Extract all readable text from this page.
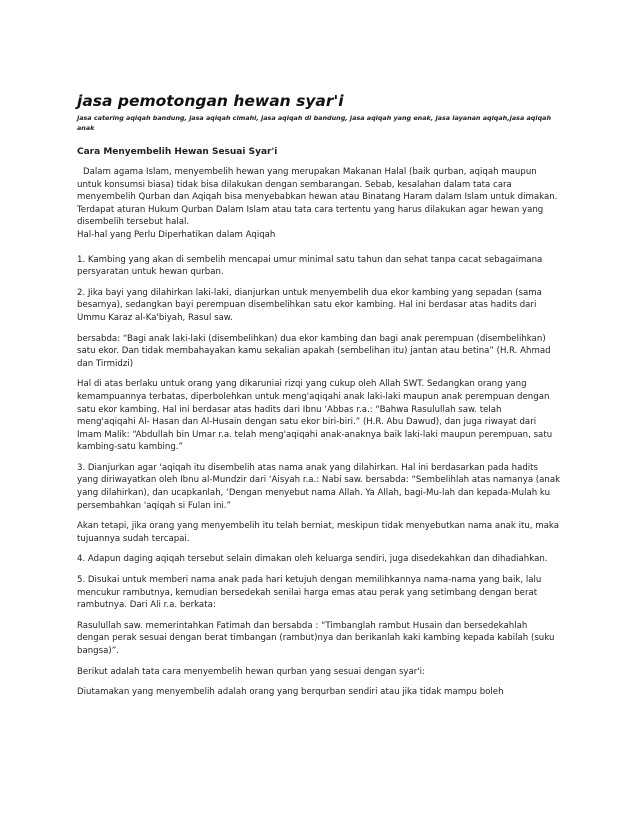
jasa pemotongan hewan syar'i
jasa catering aqiqah bandung, jasa aqiqah cimahi, jasa aqiqah di bandung, jasa aqiqah yang enak, jasa layanan aqiqah,jasa aqiqah anak
Cara Menyembelih Hewan Sesuai Syar'i
Dalam agama Islam, menyembelih hewan yang merupakan Makanan Halal (baik qurban, aqiqah maupun untuk konsumsi biasa) tidak bisa dilakukan dengan sembarangan. Sebab, kesalahan dalam tata cara menyembelih Qurban dan Aqiqah bisa menyebabkan hewan atau Binatang Haram dalam Islam untuk dimakan. Terdapat aturan Hukum Qurban Dalam Islam atau tata cara tertentu yang harus dilakukan agar hewan yang disembelih tersebut halal.
Hal-hal yang Perlu Diperhatikan dalam Aqiqah
1. Kambing yang akan di sembelih mencapai umur minimal satu tahun dan sehat tanpa cacat sebagaimana persyaratan untuk hewan qurban.
2. Jika bayi yang dilahirkan laki-laki, dianjurkan untuk menyembelih dua ekor kambing yang sepadan (sama besarnya), sedangkan bayi perempuan disembelihkan satu ekor kambing. Hal ini berdasar atas hadits dari Ummu Karaz al-Ka'biyah, Rasul saw.
bersabda: “Bagi anak laki-laki (disembelihkan) dua ekor kambing dan bagi anak perempuan (disembelihkan) satu ekor. Dan tidak membahayakan kamu sekalian apakah (sembelihan itu) jantan atau betina” (H.R. Ahmad dan Tirmidzi)
Hal di atas berlaku untuk orang yang dikaruniai rizqi yang cukup oleh Allah SWT. Sedangkan orang yang kemampuannya terbatas, diperbolehkan untuk meng'aqiqahi anak laki-laki maupun anak perempuan dengan satu ekor kambing. Hal ini berdasar atas hadits dari Ibnu ‘Abbas r.a.: “Bahwa Rasulullah saw. telah meng'aqiqahi Al- Hasan dan Al-Husain dengan satu ekor biri-biri.” (H.R. Abu Dawud), dan juga riwayat dari Imam Malik: “Abdullah bin Umar r.a. telah meng'aqiqahi anak-anaknya baik laki-laki maupun perempuan, satu kambing-satu kambing.”
3. Dianjurkan agar 'aqiqah itu disembelih atas nama anak yang dilahirkan. Hal ini berdasarkan pada hadits yang diriwayatkan oleh Ibnu al-Mundzir dari ‘Aisyah r.a.: Nabi saw. bersabda: “Sembelihlah atas namanya (anak yang dilahirkan), dan ucapkanlah, ‘Dengan menyebut nama Allah. Ya Allah, bagi-Mu-lah dan kepada-Mulah ku persembahkan 'aqiqah si Fulan ini.”
Akan tetapi, jika orang yang menyembelih itu telah berniat, meskipun tidak menyebutkan nama anak itu, maka tujuannya sudah tercapai.
4. Adapun daging aqiqah tersebut selain dimakan oleh keluarga sendiri, juga disedekahkan dan dihadiahkan.
5. Disukai untuk memberi nama anak pada hari ketujuh dengan memilihkannya nama-nama yang baik, lalu mencukur rambutnya, kemudian bersedekah senilai harga emas atau perak yang setimbang dengan berat rambutnya. Dari Ali r.a. berkata:
Rasulullah saw. memerintahkan Fatimah dan bersabda : “Timbanglah rambut Husain dan bersedekahlah dengan perak sesuai dengan berat timbangan (rambut)nya dan berikanlah kaki kambing kepada kabilah (suku bangsa)”.
Berikut adalah tata cara menyembelih hewan qurban yang sesuai dengan syar'i:
Diutamakan yang menyembelih adalah orang yang berqurban sendiri atau jika tidak mampu boleh
